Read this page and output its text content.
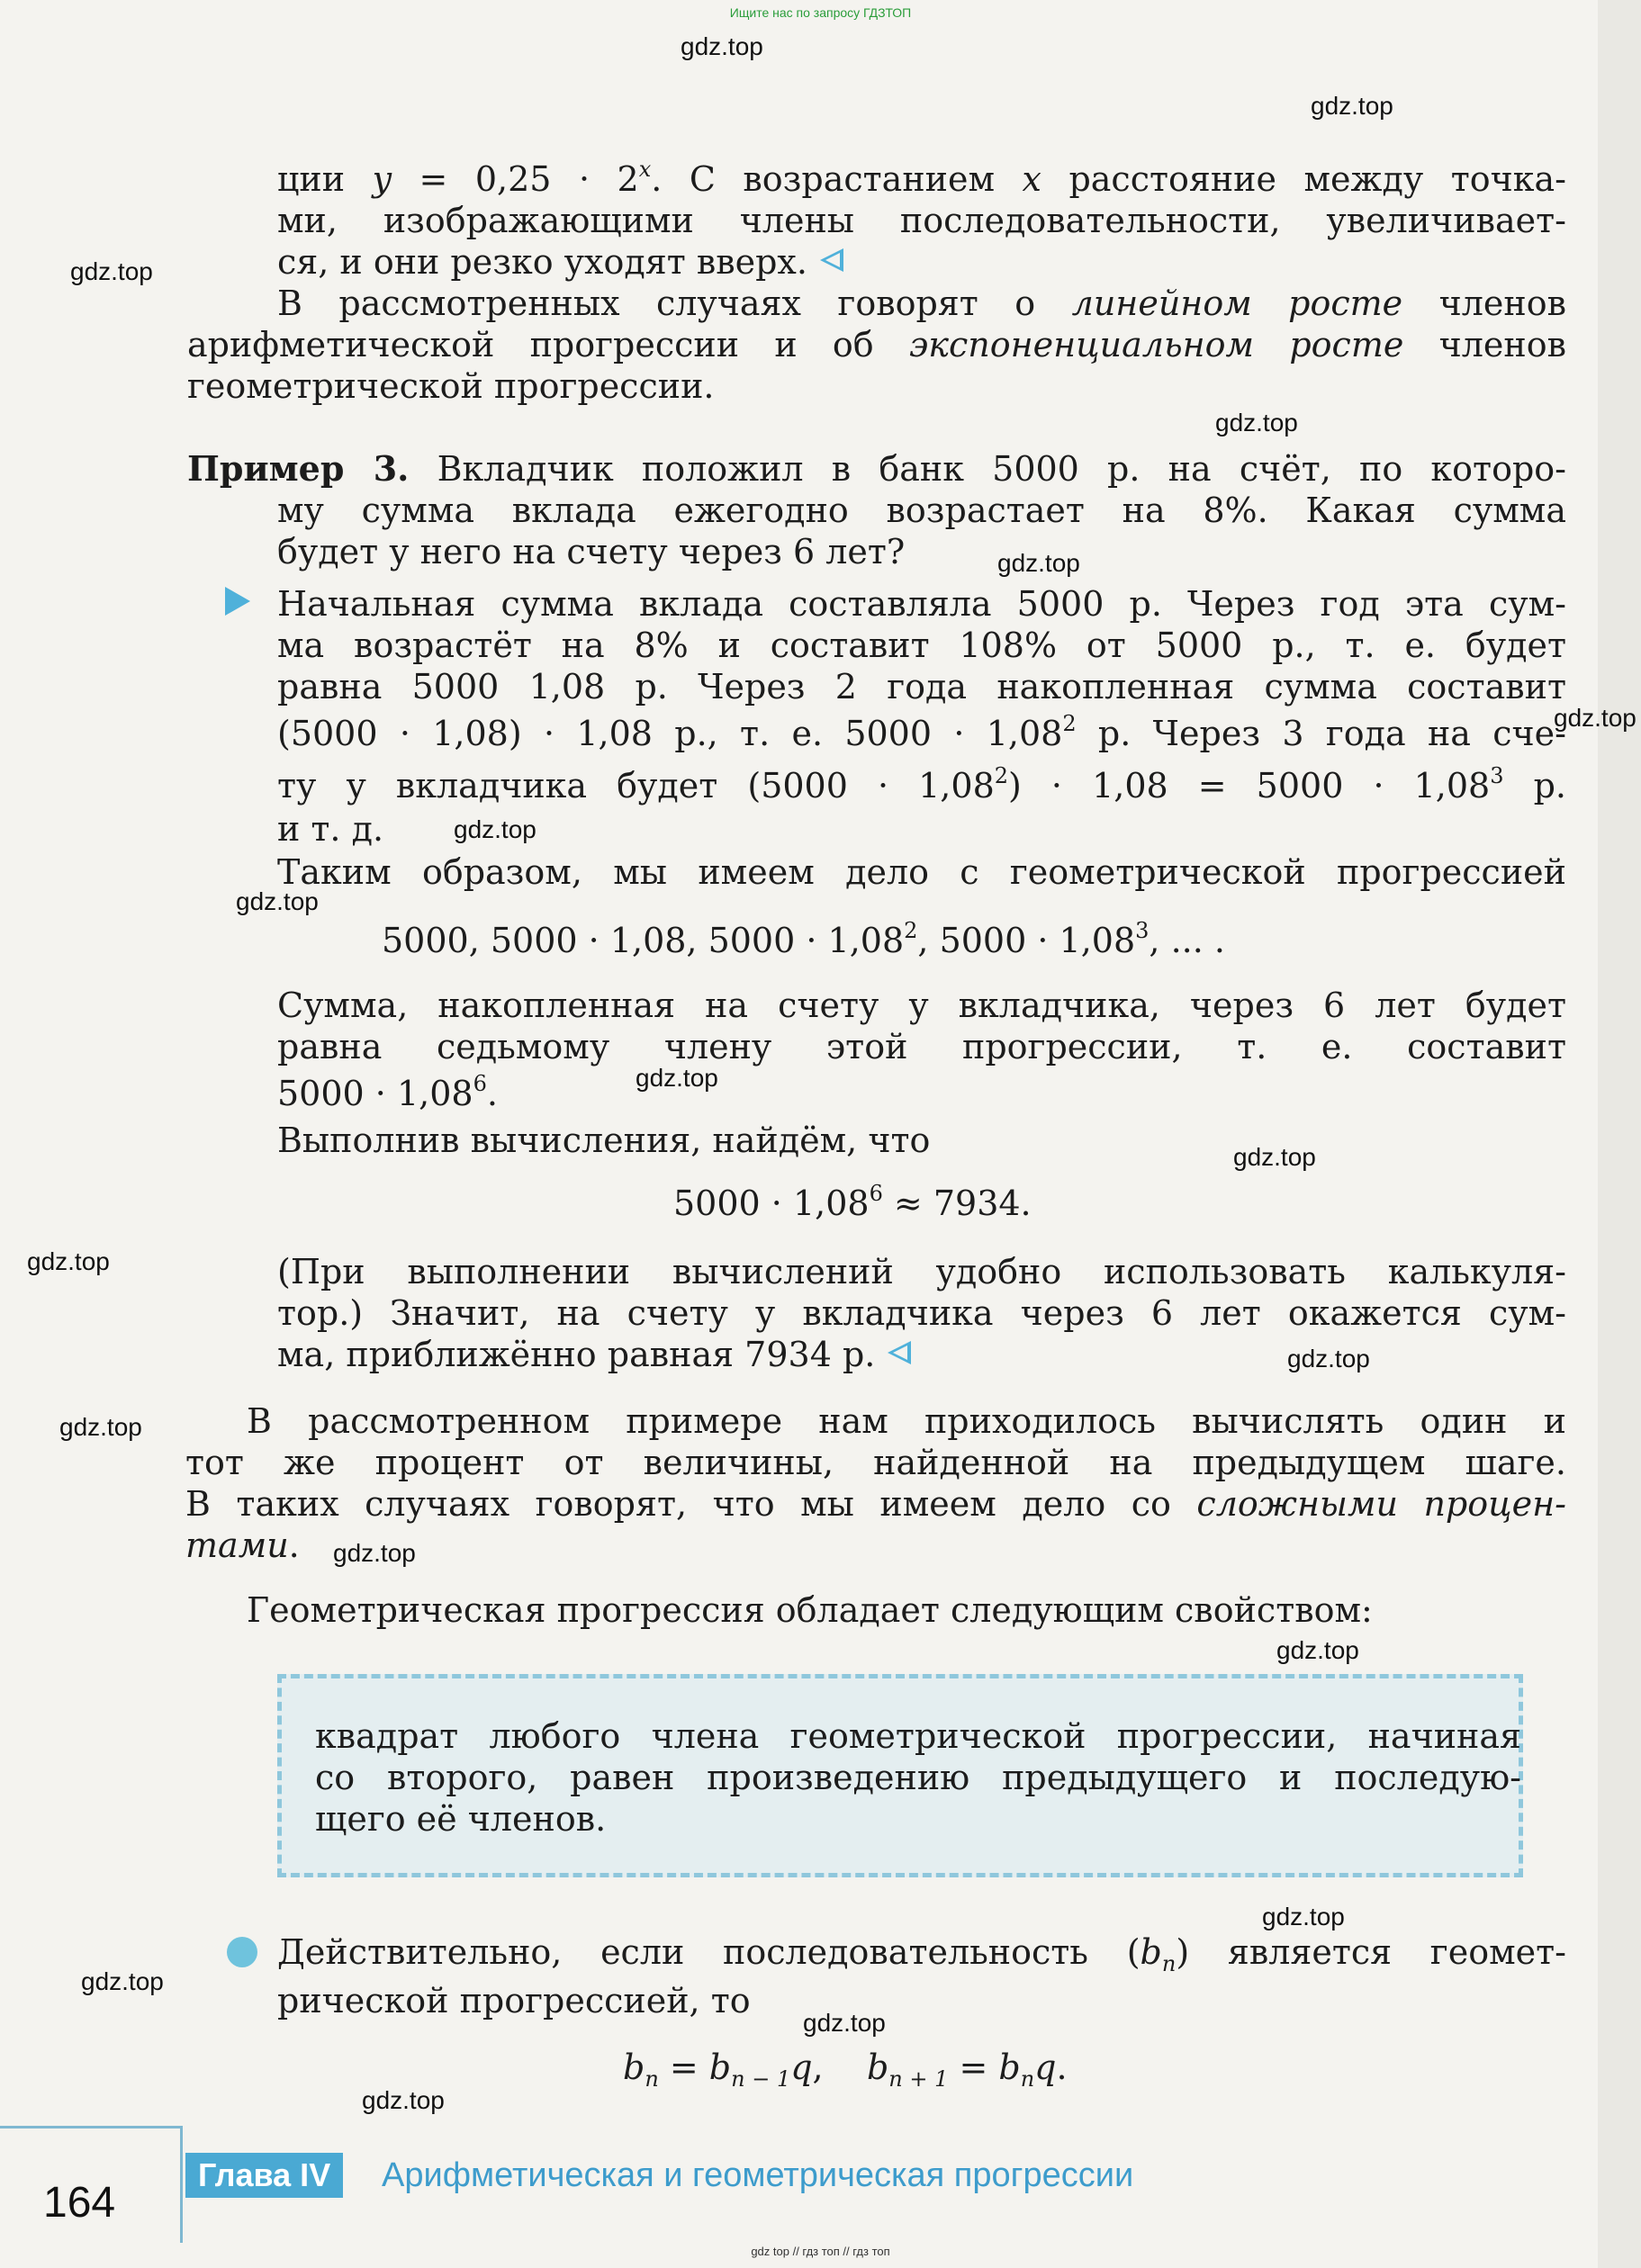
Ищите нас по запросу ГДЗТОП
gdz.top
gdz.top
gdz.top
gdz.top
gdz.top
gdz.top
gdz.top
gdz.top
gdz.top
gdz.top
gdz.top
gdz.top
gdz.top
gdz.top
gdz.top
gdz.top
gdz.top
gdz.top
gdz.top
ции $y = 0,25 \cdot 2^x$. С возрастанием x расстояние между точка-
ми, изображающими члены последовательности, увеличивает-
ся, и они резко уходят вверх.
В рассмотренных случаях говорят о линейном росте членов
арифметической прогрессии и об экспоненциальном росте членов
геометрической прогрессии.
Пример 3. Вкладчик положил в банк 5000 р. на счёт, по которо-
му сумма вклада ежегодно возрастает на 8%. Какая сумма
будет у него на счету через 6 лет?
Начальная сумма вклада составляла 5000 р. Через год эта сум-
ма возрастёт на 8% и составит 108% от 5000 р., т. е. будет
равна 5000 1,08 р. Через 2 года накопленная сумма составит
(5000 · 1,08) · 1,08 р., т. е. $5000 \cdot 1,08^2$ р. Через 3 года на сче-
ту у вкладчика будет $(5000 \cdot 1,08^2) \cdot 1,08 = 5000 \cdot 1,08^3$ р.
и т. д.
Таким образом, мы имеем дело с геометрической прогрессией
5000, 5000 · 1,08, $5000 \cdot 1,08^2$, $5000 \cdot 1,08^3$, ... .
Сумма, накопленная на счету у вкладчика, через 6 лет будет
равна седьмому члену этой прогрессии, т. е. составит
$5000 \cdot 1,08^6$.
Выполнив вычисления, найдём, что
$5000 \cdot 1,08^6 \approx 7934$.
(При выполнении вычислений удобно использовать калькуля-
тор.) Значит, на счету у вкладчика через 6 лет окажется сум-
ма, приближённо равная 7934 р.
В рассмотренном примере нам приходилось вычислять один и
тот же процент от величины, найденной на предыдущем шаге.
В таких случаях говорят, что мы имеем дело со сложными процен-
тами.
Геометрическая прогрессия обладает следующим свойством:
квадрат любого члена геометрической прогрессии, начиная
со второго, равен произведению предыдущего и последую-
щего её членов.
Действительно, если последовательность $(b_n)$ является геомет-
рической прогрессией, то
$b_n = b_{n - 1}q$,    $b_{n + 1} = b_nq$.
164
Глава IV	Арифметическая и геометрическая прогрессии
gdz top // гдз топ // гдз топ
